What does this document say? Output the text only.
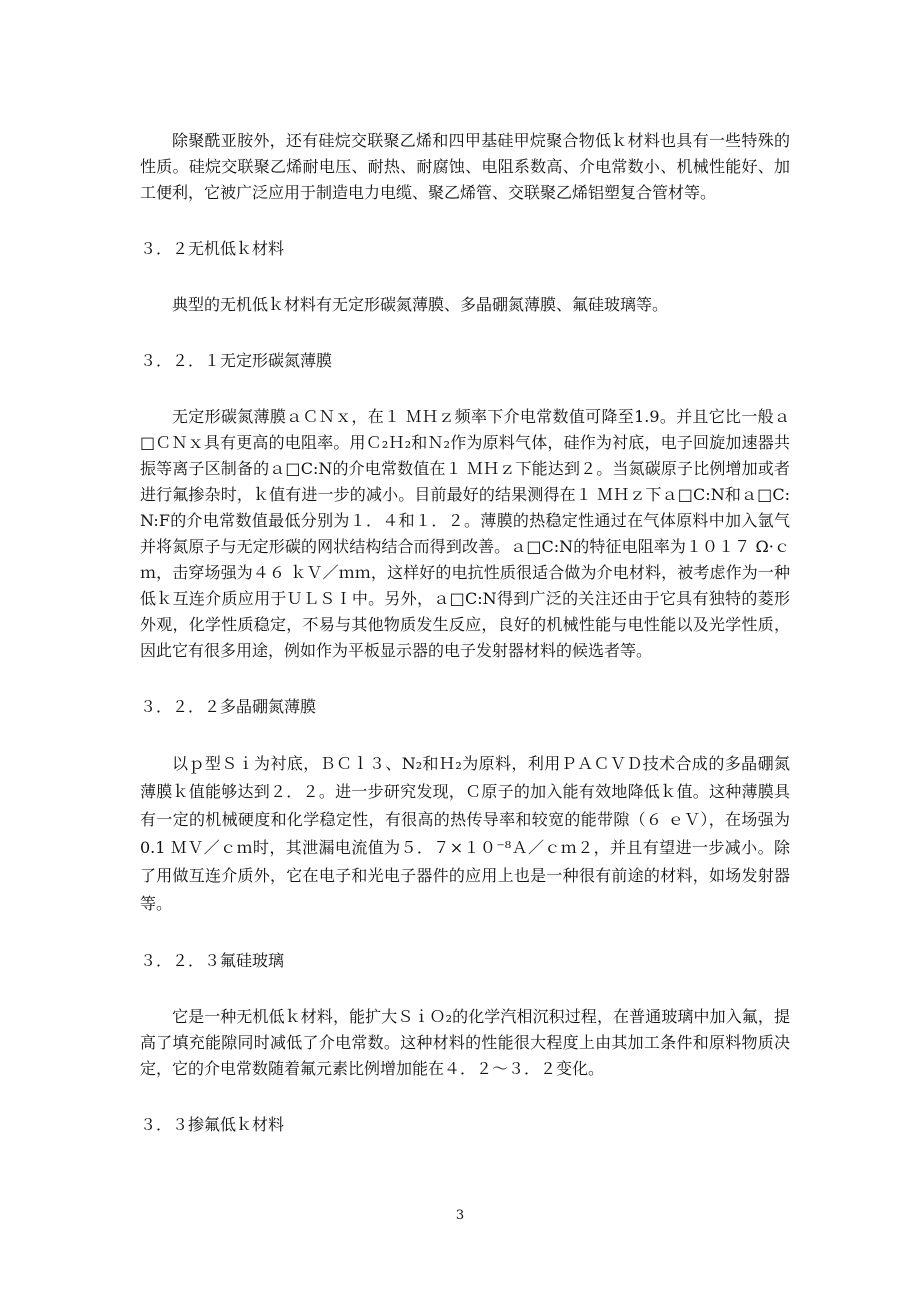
除聚酰亚胺外，还有硅烷交联聚乙烯和四甲基硅甲烷聚合物低ｋ材料也具有一些特殊的性质。硅烷交联聚乙烯耐电压、耐热、耐腐蚀、电阻系数高、介电常数小、机械性能好、加工便利，它被广泛应用于制造电力电缆、聚乙烯管、交联聚乙烯铝塑复合管材等。

３．２无机低ｋ材料

典型的无机低ｋ材料有无定形碳氮薄膜、多晶硼氮薄膜、氟硅玻璃等。

３．２．１无定形碳氮薄膜

无定形碳氮薄膜ａＣＮｘ，在１ ＭＨｚ频率下介电常数值可降至1.9。并且它比一般ａ□ＣＮｘ具有更高的电阻率。用Ｃ₂Ｈ₂和Ｎ₂作为原料气体，硅作为衬底，电子回旋加速器共振等离子区制备的ａ□C:N的介电常数值在１ ＭＨｚ下能达到２。当氮碳原子比例增加或者进行氟掺杂时，ｋ值有进一步的减小。目前最好的结果测得在１ ＭＨｚ下ａ□C:N和ａ□C:N:F的介电常数值最低分别为１．４和１．２。薄膜的热稳定性通过在气体原料中加入氩气并将氮原子与无定形碳的网状结构结合而得到改善。ａ□C:N的特征电阻率为１０１７ Ω·ｃｍ，击穿场强为４６ ｋＶ／ｍｍ，这样好的电抗性质很适合做为介电材料，被考虑作为一种低ｋ互连介质应用于ＵＬＳＩ中。另外，ａ□C:N得到广泛的关注还由于它具有独特的菱形外观，化学性质稳定，不易与其他物质发生反应，良好的机械性能与电性能以及光学性质，因此它有很多用途，例如作为平板显示器的电子发射器材料的候选者等。

３．２．２多晶硼氮薄膜

以ｐ型Ｓｉ为衬底，ＢＣｌ３、N₂和Ｈ₂为原料，利用ＰＡＣＶＤ技术合成的多晶硼氮薄膜ｋ值能够达到２．２。进一步研究发现，Ｃ原子的加入能有效地降低ｋ值。这种薄膜具有一定的机械硬度和化学稳定性，有很高的热传导率和较宽的能带隙（６ ｅＶ），在场强为0.1 ＭＶ／ｃｍ时，其泄漏电流值为５．７×１０⁻⁸Ａ／ｃｍ２，并且有望进一步减小。除了用做互连介质外，它在电子和光电子器件的应用上也是一种很有前途的材料，如场发射器等。

３．２．３氟硅玻璃

它是一种无机低ｋ材料，能扩大ＳｉＯ₂的化学汽相沉积过程，在普通玻璃中加入氟，提高了填充能隙同时减低了介电常数。这种材料的性能很大程度上由其加工条件和原料物质决定，它的介电常数随着氟元素比例增加能在４．２～３．２变化。

３．３掺氟低ｋ材料

3
